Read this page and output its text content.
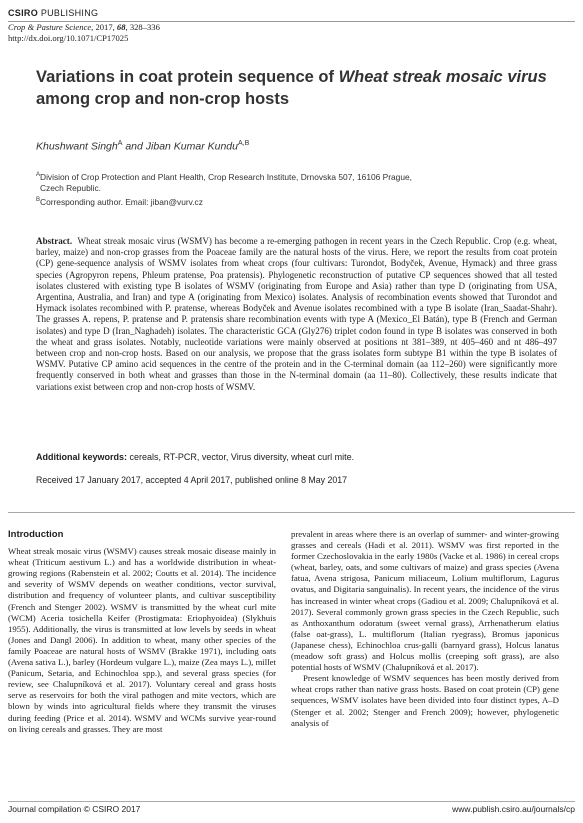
CSIRO PUBLISHING
Crop & Pasture Science, 2017, 68, 328–336
http://dx.doi.org/10.1071/CP17025
Variations in coat protein sequence of Wheat streak mosaic virus among crop and non-crop hosts
Khushwant Singh$^A$ and Jiban Kumar Kundu$^{A,B}$
$^A$Division of Crop Protection and Plant Health, Crop Research Institute, Drnovska 507, 16106 Prague,
Czech Republic.
$^B$Corresponding author. Email: jiban@vurv.cz
Abstract. Wheat streak mosaic virus (WSMV) has become a re-emerging pathogen in recent years in the Czech Republic. Crop (e.g. wheat, barley, maize) and non-crop grasses from the Poaceae family are the natural hosts of the virus. Here, we report the results from coat protein (CP) gene-sequence analysis of WSMV isolates from wheat crops (four cultivars: Turondot, Bodyček, Avenue, Hymack) and three grass species (Agropyron repens, Phleum pratense, Poa pratensis). Phylogenetic reconstruction of putative CP sequences showed that all tested isolates clustered with existing type B isolates of WSMV (originating from Europe and Asia) rather than type D (originating from USA, Argentina, Australia, and Iran) and type A (originating from Mexico) isolates. Analysis of recombination events showed that Turondot and Hymack isolates recombined with P. pratense, whereas Bodyček and Avenue isolates recombined with a type B isolate (Iran_Saadat-Shahr). The grasses A. repens, P. pratense and P. pratensis share recombination events with type A (Mexico_El Batán), type B (French and German isolates) and type D (Iran_Naghadeh) isolates. The characteristic GCA (Gly276) triplet codon found in type B isolates was conserved in both the wheat and grass isolates. Notably, nucleotide variations were mainly observed at positions nt 381–389, nt 405–460 and nt 486–497 between crop and non-crop hosts. Based on our analysis, we propose that the grass isolates form subtype B1 within the type B isolates of WSMV. Putative CP amino acid sequences in the centre of the protein and in the C-terminal domain (aa 112–260) were significantly more frequently conserved in both wheat and grasses than those in the N-terminal domain (aa 11–80). Collectively, these results indicate that variations exist between crop and non-crop hosts of WSMV.
Additional keywords: cereals, RT-PCR, vector, Virus diversity, wheat curl mite.
Received 17 January 2017, accepted 4 April 2017, published online 8 May 2017
Introduction

Wheat streak mosaic virus (WSMV) causes streak mosaic disease mainly in wheat (Triticum aestivum L.) and has a worldwide distribution in wheat-growing regions (Rabenstein et al. 2002; Coutts et al. 2014). The incidence and severity of WSMV depends on weather conditions, vector survival, distribution and frequency of volunteer plants, and cultivar susceptibility (French and Stenger 2002). WSMV is transmitted by the wheat curl mite (WCM) Aceria tosichella Keifer (Prostigmata: Eriophyoidea) (Slykhuis 1955). Additionally, the virus is transmitted at low levels by seeds in wheat (Jones and Dangl 2006). In addition to wheat, many other species of the family Poaceae are natural hosts of WSMV (Brakke 1971), including oats (Avena sativa L.), barley (Hordeum vulgare L.), maize (Zea mays L.), millet (Panicum, Setaria, and Echinochloa spp.), and several grass species (for review, see Chalupníková et al. 2017). Voluntary cereal and grass hosts serve as reservoirs for both the viral pathogen and mite vectors, which are blown by winds into agricultural fields where they transmit the viruses during feeding (Price et al. 2014). WSMV and WCMs survive year-round on living cereals and grasses. They are most

prevalent in areas where there is an overlap of summer- and winter-growing grasses and cereals (Hadi et al. 2011). WSMV was first reported in the former Czechoslovakia in the early 1980s (Vacke et al. 1986) in cereal crops (wheat, barley, oats, and some cultivars of maize) and grass species (Avena fatua, Avena strigosa, Panicum miliaceum, Lolium multiflorum, Lagurus ovatus, and Digitaria sanguinalis). In recent years, the incidence of the virus has increased in winter wheat crops (Gadiou et al. 2009; Chalupníková et al. 2017). Several commonly grown grass species in the Czech Republic, such as Anthoxanthum odoratum (sweet vernal grass), Arrhenatherum elatius (false oat-grass), L. multiflorum (Italian ryegrass), Bromus japonicus (Japanese chess), Echinochloa crus-galli (barnyard grass), Holcus lanatus (meadow soft grass) and Holcus mollis (creeping soft grass), are also potential hosts of WSMV (Chalupníková et al. 2017).

Present knowledge of WSMV sequences has been mostly derived from wheat crops rather than native grass hosts. Based on coat protein (CP) gene sequences, WSMV isolates have been divided into four distinct types, A–D (Stenger et al. 2002; Stenger and French 2009); however, phylogenetic analysis of

Journal compilation © CSIRO 2017	www.publish.csiro.au/journals/cp
